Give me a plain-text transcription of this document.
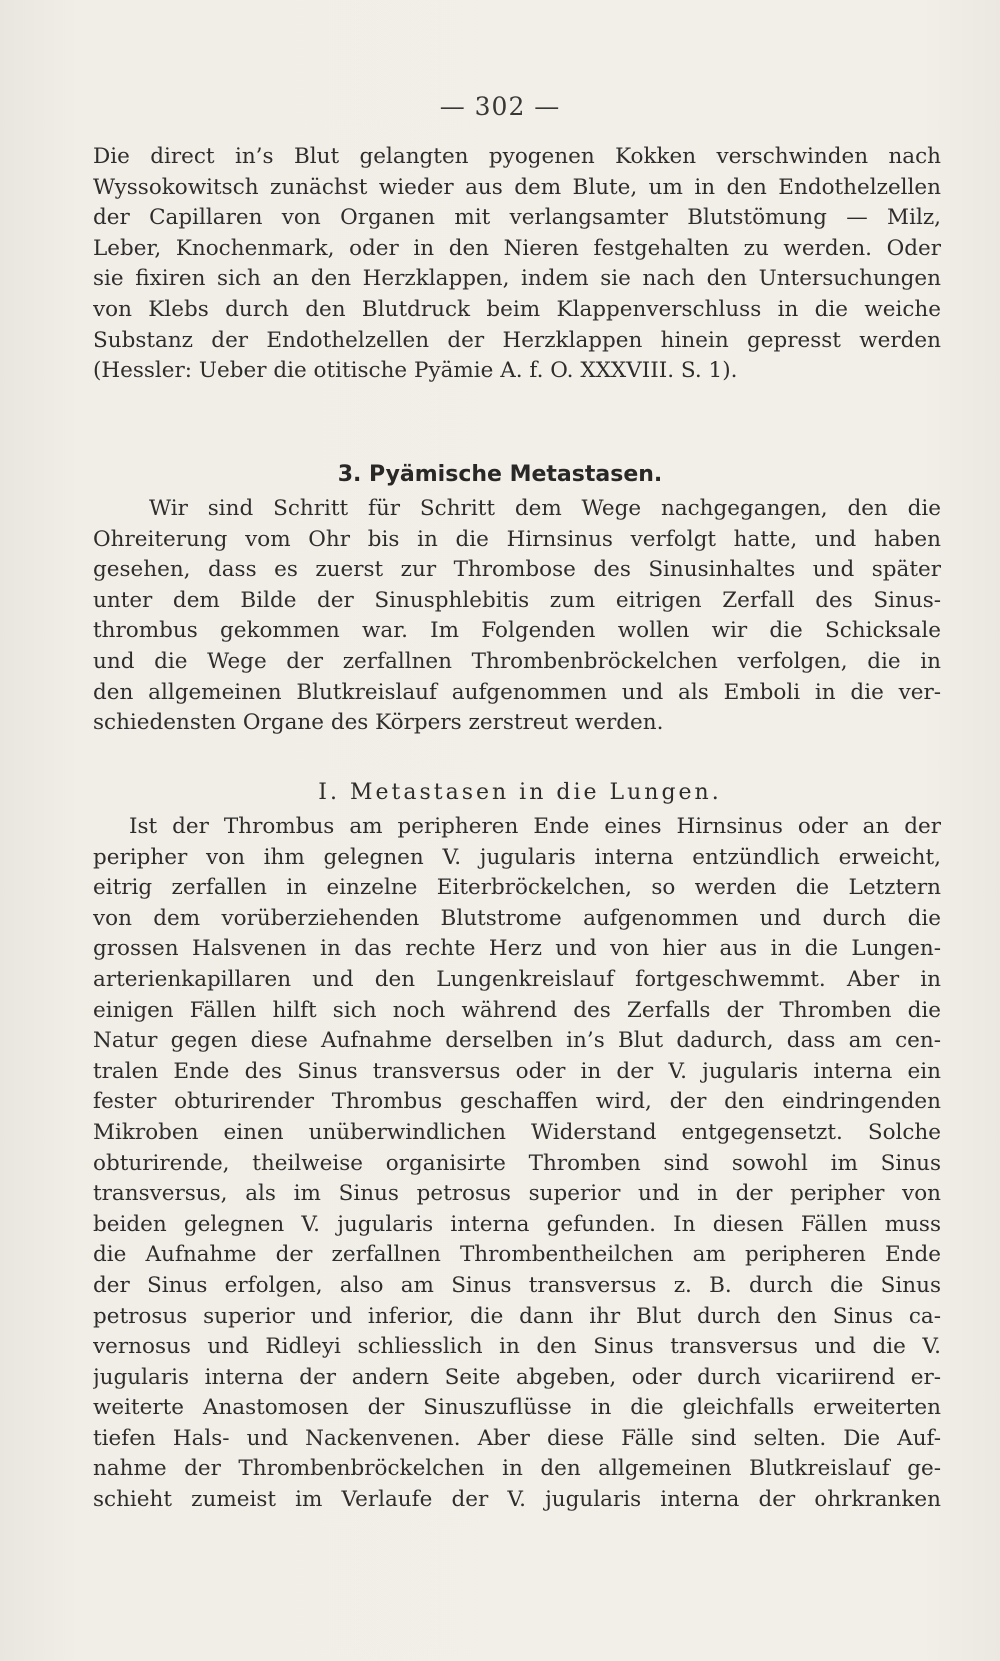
— 302 —
Die direct in’s Blut gelangten pyogenen Kokken verschwinden nach
Wyssokowitsch zunächst wieder aus dem Blute, um in den Endothelzellen
der Capillaren von Organen mit verlangsamter Blutstömung — Milz,
Leber, Knochenmark, oder in den Nieren festgehalten zu werden. Oder
sie fixiren sich an den Herzklappen, indem sie nach den Untersuchungen
von Klebs durch den Blutdruck beim Klappenverschluss in die weiche
Substanz der Endothelzellen der Herzklappen hinein gepresst werden
(Hessler: Ueber die otitische Pyämie A. f. O. XXXVIII. S. 1).
3. Pyämische Metastasen.
Wir sind Schritt für Schritt dem Wege nachgegangen, den die
Ohreiterung vom Ohr bis in die Hirnsinus verfolgt hatte, und haben
gesehen, dass es zuerst zur Thrombose des Sinusinhaltes und später
unter dem Bilde der Sinusphlebitis zum eitrigen Zerfall des Sinus-
thrombus gekommen war. Im Folgenden wollen wir die Schicksale
und die Wege der zerfallnen Thrombenbröckelchen verfolgen, die in
den allgemeinen Blutkreislauf aufgenommen und als Emboli in die ver-
schiedensten Organe des Körpers zerstreut werden.
I. Metastasen in die Lungen.
Ist der Thrombus am peripheren Ende eines Hirnsinus oder an der
peripher von ihm gelegnen V. jugularis interna entzündlich erweicht,
eitrig zerfallen in einzelne Eiterbröckelchen, so werden die Letztern
von dem vorüberziehenden Blutstrome aufgenommen und durch die
grossen Halsvenen in das rechte Herz und von hier aus in die Lungen-
arterienkapillaren und den Lungenkreislauf fortgeschwemmt. Aber in
einigen Fällen hilft sich noch während des Zerfalls der Thromben die
Natur gegen diese Aufnahme derselben in’s Blut dadurch, dass am cen-
tralen Ende des Sinus transversus oder in der V. jugularis interna ein
fester obturirender Thrombus geschaffen wird, der den eindringenden
Mikroben einen unüberwindlichen Widerstand entgegensetzt. Solche
obturirende, theilweise organisirte Thromben sind sowohl im Sinus
transversus, als im Sinus petrosus superior und in der peripher von
beiden gelegnen V. jugularis interna gefunden. In diesen Fällen muss
die Aufnahme der zerfallnen Thrombentheilchen am peripheren Ende
der Sinus erfolgen, also am Sinus transversus z. B. durch die Sinus
petrosus superior und inferior, die dann ihr Blut durch den Sinus ca-
vernosus und Ridleyi schliesslich in den Sinus transversus und die V.
jugularis interna der andern Seite abgeben, oder durch vicariirend er-
weiterte Anastomosen der Sinuszuflüsse in die gleichfalls erweiterten
tiefen Hals- und Nackenvenen. Aber diese Fälle sind selten. Die Auf-
nahme der Thrombenbröckelchen in den allgemeinen Blutkreislauf ge-
schieht zumeist im Verlaufe der V. jugularis interna der ohrkranken
